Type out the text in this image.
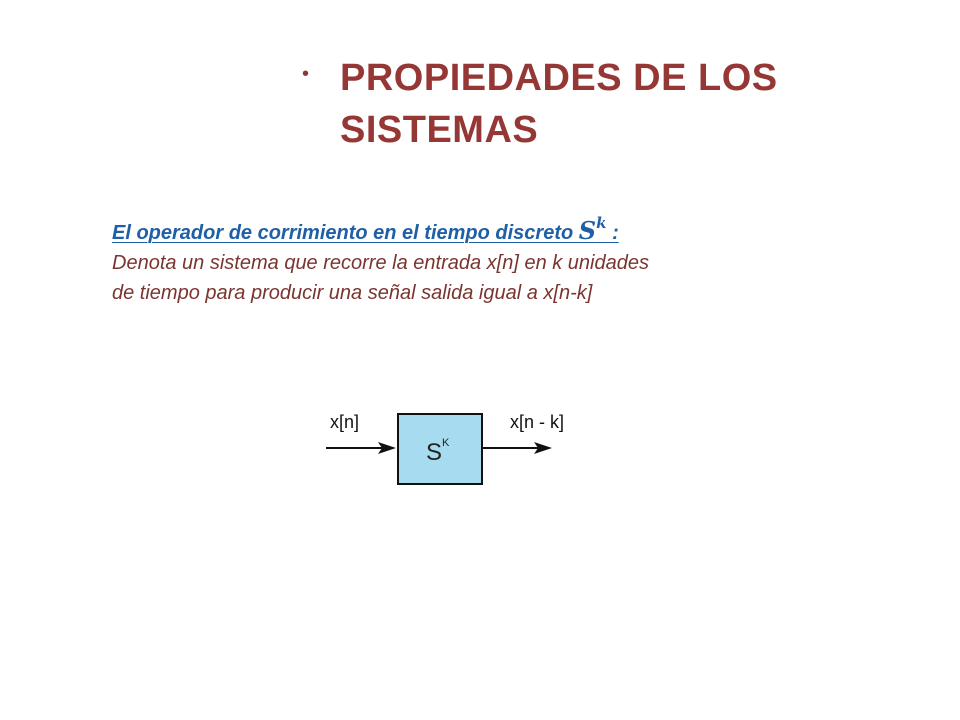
• PROPIEDADES DE LOS
SISTEMAS
El operador de corrimiento en el tiempo discreto $S^k$ :

Denota un sistema que recorre la entrada x[n] en k unidades
de tiempo para producir una señal salida igual a x[n-k]

x[n]
S K
x[n - k]
